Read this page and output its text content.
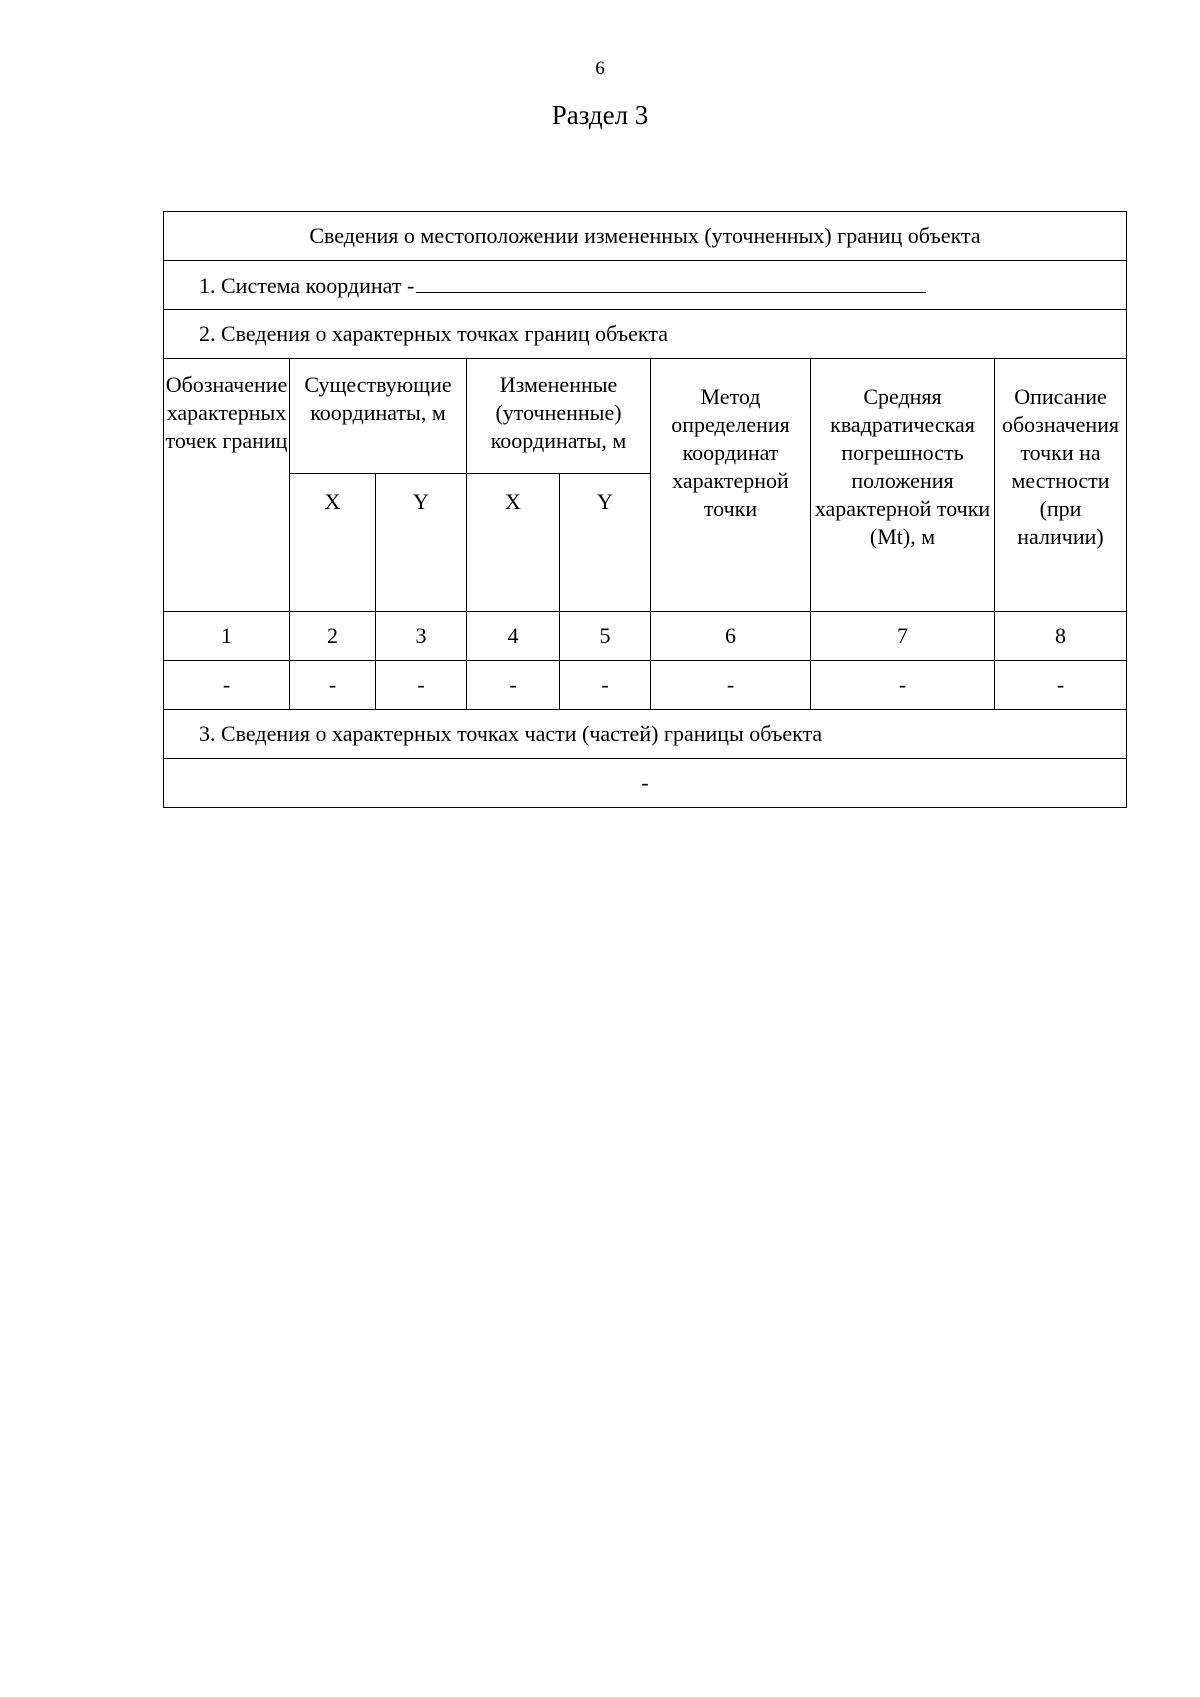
6
Раздел 3
Сведения о местоположении измененных (уточненных) границ объекта							
1. Система координат -							
2. Сведения о характерных точках границ объекта							
Обозначение характерных точек границ	Существующие координаты, м		Измененные (уточненные) координаты, м		Метод определения координат характерной точки	Средняя квадратическая погрешность положения характерной точки (Mt), м	Описание обозначения точки на местности (при наличии)
	X	Y	X	Y			
1	2	3	4	5	6	7	8
-	-	-	-	-	-	-	-
3. Сведения о характерных точках части (частей) границы объекта							
-							
